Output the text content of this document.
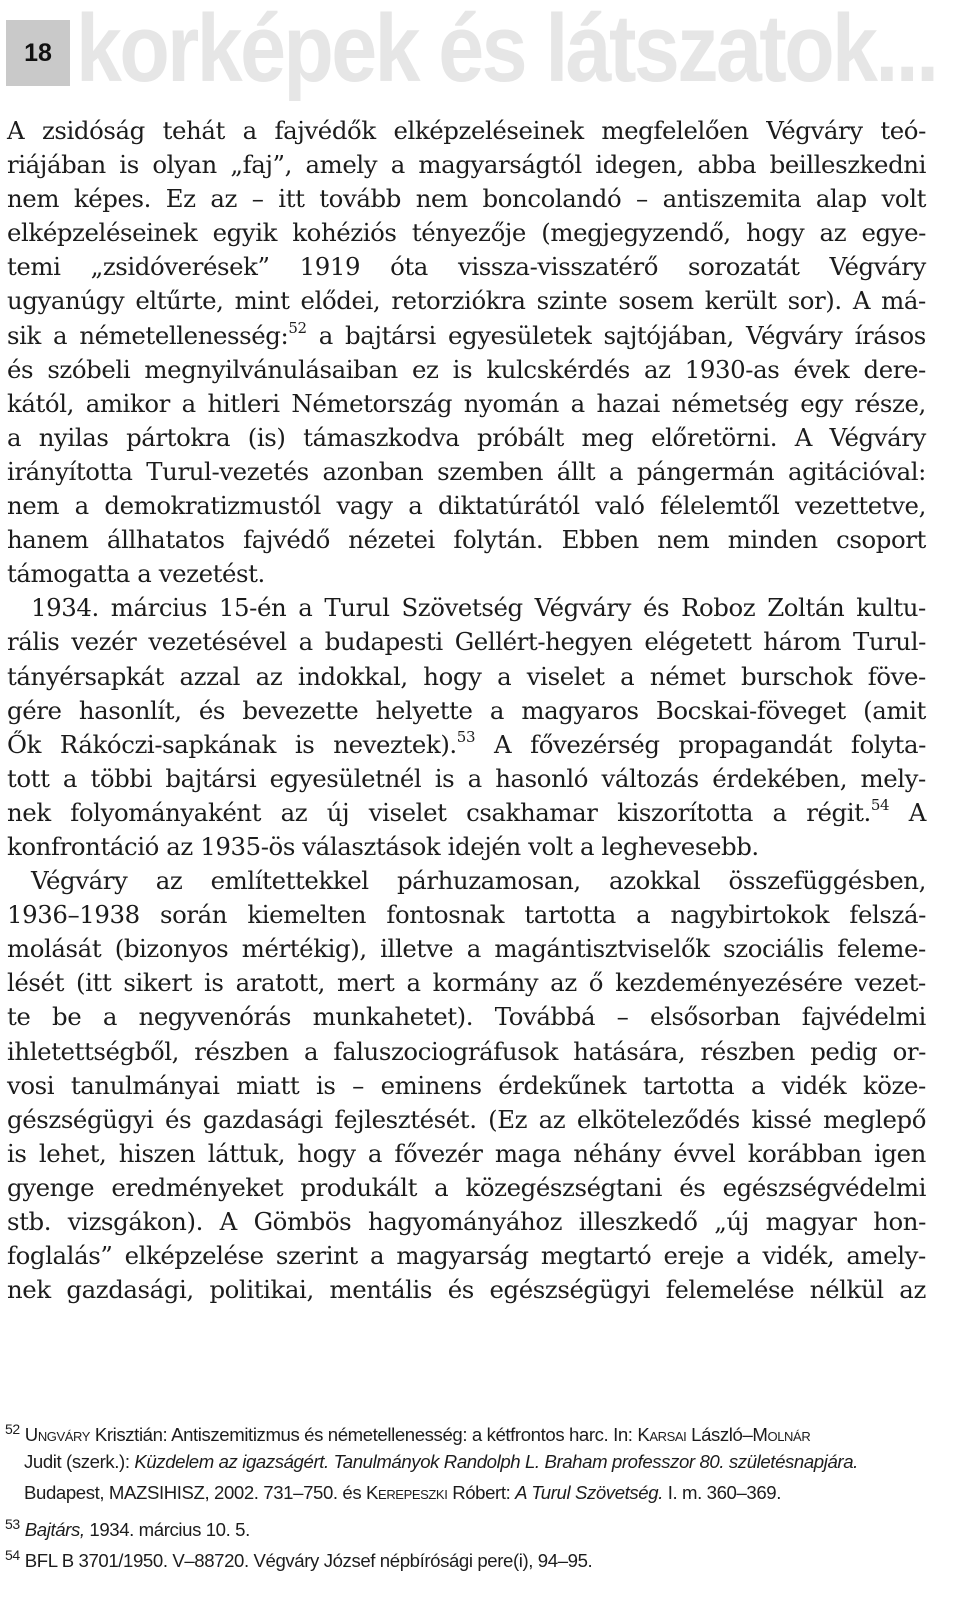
18 korképek és látszatok...
A zsidóság tehát a fajvédők elképzeléseinek megfelelően Végváry teó-
riájában is olyan „faj”, amely a magyarságtól idegen, abba beilleszkedni
nem képes. Ez az – itt tovább nem boncolandó – antiszemita alap volt
elképzeléseinek egyik kohéziós tényezője (megjegyzendő, hogy az egye-
temi „zsidóverések” 1919 óta vissza-visszatérő sorozatát Végváry
ugyanúgy eltűrte, mint elődei, retorziókra szinte sosem került sor). A má-
sik a németellenesség:$^{52}$ a bajtársi egyesületek sajtójában, Végváry írásos
és szóbeli megnyilvánulásaiban ez is kulcskérdés az 1930-as évek dere-
kától, amikor a hitleri Németország nyomán a hazai németség egy része,
a nyilas pártokra (is) támaszkodva próbált meg előretörni. A Végváry
irányította Turul-vezetés azonban szemben állt a pángermán agitációval:
nem a demokratizmustól vagy a diktatúrától való félelemtől vezettetve,
hanem állhatatos fajvédő nézetei folytán. Ebben nem minden csoport
támogatta a vezetést.
1934. március 15-én a Turul Szövetség Végváry és Roboz Zoltán kultu-
rális vezér vezetésével a budapesti Gellért-hegyen elégetett három Turul-
tányérsapkát azzal az indokkal, hogy a viselet a német burschok föve-
gére hasonlít, és bevezette helyette a magyaros Bocskai-föveget (amit
Ők Rákóczi-sapkának is neveztek).$^{53}$ A fővezérség propagandát folyta-
tott a többi bajtársi egyesületnél is a hasonló változás érdekében, mely-
nek folyományaként az új viselet csakhamar kiszorította a régit.$^{54}$ A
konfrontáció az 1935-ös választások idején volt a leghevesebb.
Végváry az említettekkel párhuzamosan, azokkal összefüggésben,
1936–1938 során kiemelten fontosnak tartotta a nagybirtokok felszá-
molását (bizonyos mértékig), illetve a magántisztviselők szociális feleme-
lését (itt sikert is aratott, mert a kormány az ő kezdeményezésére vezet-
te be a negyvenórás munkahetet). Továbbá – elsősorban fajvédelmi
ihletettségből, részben a faluszociográfusok hatására, részben pedig or-
vosi tanulmányai miatt is – eminens érdekűnek tartotta a vidék közе-
gészségügyi és gazdasági fejlesztését. (Ez az elköteleződés kissé meglepő
is lehet, hiszen láttuk, hogy a fővezér maga néhány évvel korábban igen
gyenge eredményeket produkált a közegészségtani és egészségvédelmi
stb. vizsgákon). A Gömbös hagyományához illeszkedő „új magyar hon-
foglalás” elképzelése szerint a magyarság megtartó ereje a vidék, amely-
nek gazdasági, politikai, mentális és egészségügyi felemelése nélkül az
$^{52}$ Ungváry Krisztián: Antiszemitizmus és németellenesség: a kétfrontos harc. In: Karsai László–Molnár
Judit (szerk.): Küzdelem az igazságért. Tanulmányok Randolph L. Braham professzor 80. születésnapjára.
Budapest, MAZSIHISZ, 2002. 731–750. és Kerepeszki Róbert: A Turul Szövetség. I. m. 360–369.
$^{53}$ Bajtárs, 1934. március 10. 5.
$^{54}$ BFL B 3701/1950. V–88720. Végváry József népbírósági pere(i), 94–95.
